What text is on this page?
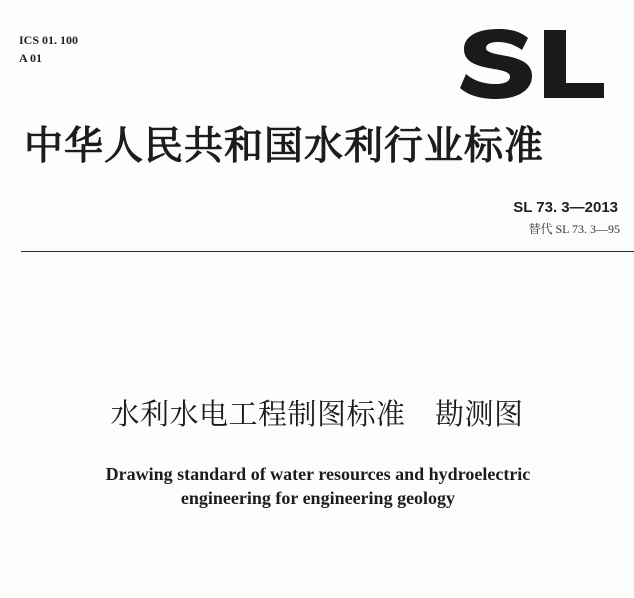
ICS 01. 100
A 01
中华人民共和国水利行业标准
SL 73. 3—2013
替代 SL 73. 3—95
水利水电工程制图标准　勘测图
Drawing standard of water resources and hydroelectric
engineering for engineering geology
